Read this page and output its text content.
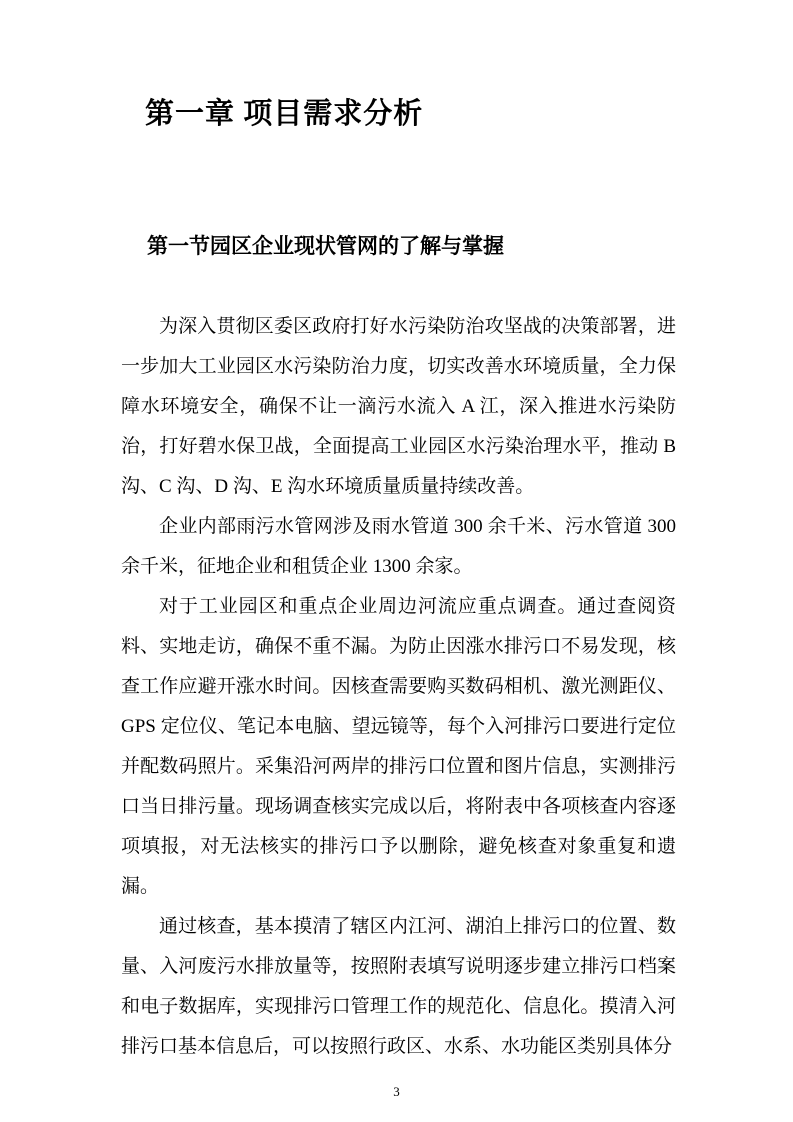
第一章 项目需求分析
第一节园区企业现状管网的了解与掌握

为深入贯彻区委区政府打好水污染防治攻坚战的决策部署，进一步加大工业园区水污染防治力度，切实改善水环境质量，全力保障水环境安全，确保不让一滴污水流入 A 江，深入推进水污染防治，打好碧水保卫战，全面提高工业园区水污染治理水平，推动 B 沟、C 沟、D 沟、E 沟水环境质量质量持续改善。

企业内部雨污水管网涉及雨水管道 300 余千米、污水管道 300 余千米，征地企业和租赁企业 1300 余家。

对于工业园区和重点企业周边河流应重点调查。通过查阅资料、实地走访，确保不重不漏。为防止因涨水排污口不易发现，核查工作应避开涨水时间。因核查需要购买数码相机、激光测距仪、GPS 定位仪、笔记本电脑、望远镜等，每个入河排污口要进行定位并配数码照片。采集沿河两岸的排污口位置和图片信息，实测排污口当日排污量。现场调查核实完成以后，将附表中各项核查内容逐项填报，对无法核实的排污口予以删除，避免核查对象重复和遗漏。

通过核查，基本摸清了辖区内江河、湖泊上排污口的位置、数量、入河废污水排放量等，按照附表填写说明逐步建立排污口档案和电子数据库，实现排污口管理工作的规范化、信息化。摸清入河排污口基本信息后，可以按照行政区、水系、水功能区类别具体分

3
